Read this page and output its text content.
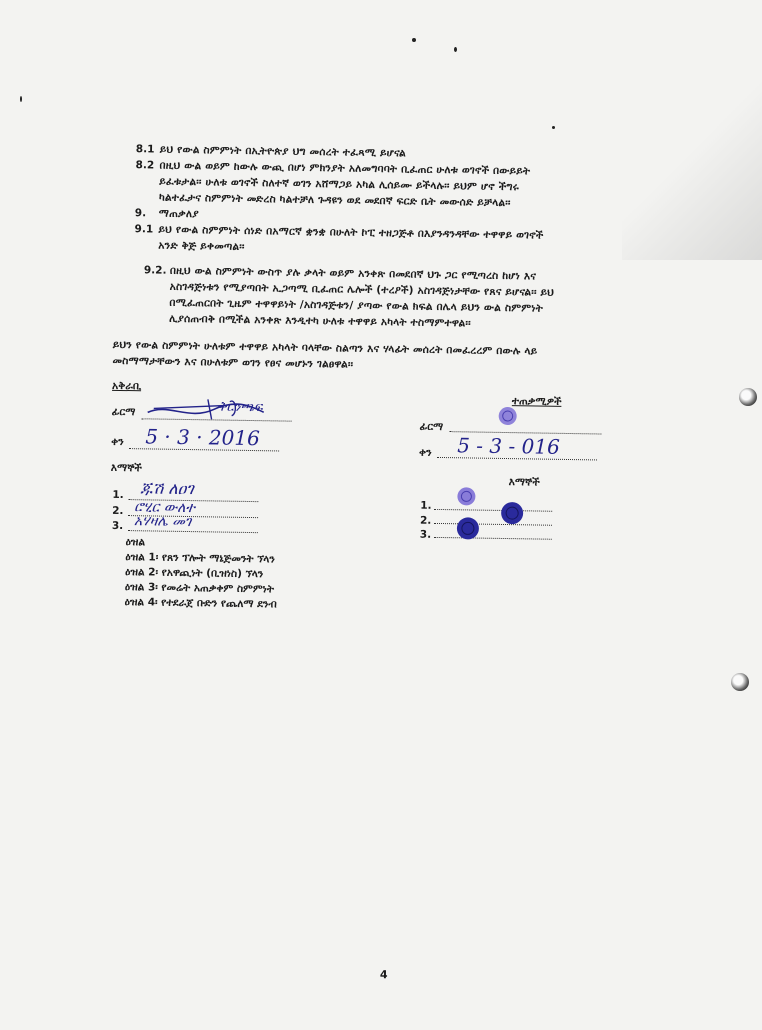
8.1 ይህ የውል ስምምነት በኢትዮጵያ ህግ መሰረት ተፈጻሚ ይሆናል
8.2 በዚህ ውል ወይም ከውሉ ውጪ በሆነ ምክንያት አለመግባባት ቢፈጠር ሁለቱ ወገኖች በውይይት
ይፈቱታል፡፡ ሁለቱ ወገኖች ስለተኛ ወገን አሸማጋይ አካል ሊሰይሙ ይችላሉ፡፡ ይህም ሆኖ ችግሩ
ካልተፈታና ስምምነት መድረስ ካልተቻለ ጉዳዩን ወደ መደበኛ ፍርድ ቤት መውሰድ ይቻላል፡፡
9. ማጠቃለያ
9.1 ይህ የውል ስምምነት ሰነድ በአማርኛ ቋንቋ በሁለት ኮፒ ተዘጋጅቶ በእያንዳንዳቸው ተዋዋይ ወገኖች
አንድ ቅጅ ይቀመጣል፡፡
9.2. በዚህ ውል ስምምነት ውስጥ ያሉ ቃላት ወይም አንቀጽ በመደበኛ ህጉ ጋር የሚጣረስ ከሆነ እና
አስገዳጅነቱን የሚያጣበት ኢጋጣሚ ቢፈጠር ሌሎች (ተረዖች) አስገዳጅነታቸው የጸና ይሆናል፡፡ ይህ
በሚፈጠርበት ጊዜም ተዋዋይነት /አስገዳጅቱን/ ያጣው የውል ክፍል በሌላ ይህን ውል ስምምነት
ሊያሰጠብቅ በሚችል አንቀጽ እንዲተካ ሁለቱ ተዋዋይ አካላት ተስማምተዋል፡፡
ይህን የውል ስምምነት ሁለቱም ተዋዋይ አካላት ባላቸው ስልጣን እና ሃላፊት መሰረት በመፈረረም በውሉ ላይ
መስማማታቸውን እና በሁለቱም ወገን የፀና መሆኑን ገልፀዋል፡፡
አቅራቢ
ፊርማ	ቅርንጫፍ
ቀን 5 · 3 · 2016
እማኞች
1. ጁሽ ለዐገ
2. ሮሂር ውለተ
3. አሃዛሌ መገ
ዕዝል
ዕዝል 1፡ የጸን ፕሎት ማኔጅመንት ኘላን
ዕዝል 2፡ የአዋጪነት (ቢዝነስ) ኘላን
ዕዝል 3፡ የመሬት አጠቃቀም ስምምነት
ዕዝል 4፡ የተደራጀ ቡድን የጨለማ ደንብ
ተጠቃሚዎች
ፊርማ
ቀን 5 - 3 - 016
እማኞች
1.
2.
3.
4
